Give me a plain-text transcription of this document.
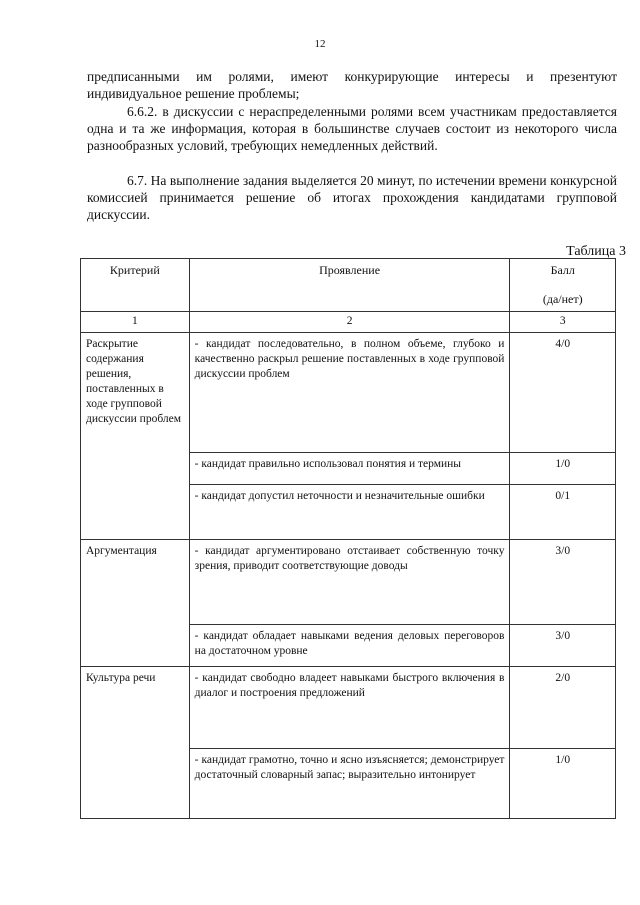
12

предписанными им ролями, имеют конкурирующие интересы и презентуют индивидуальное решение проблемы;

6.6.2. в дискуссии с нераспределенными ролями всем участникам предоставляется одна и та же информация, которая в большинстве случаев состоит из некоторого числа разнообразных условий, требующих немедленных действий.

6.7. На выполнение задания выделяется 20 минут, по истечении времени конкурсной комиссией принимается решение об итогах прохождения кандидатами групповой дискуссии.

Таблица 3
Критерий	Проявление	Балл
(да/нет)

1	2	3
Раскрытие содержания решения, поставленных в ходе групповой дискуссии проблем	- кандидат последовательно, в полном объеме, глубоко и качественно раскрыл решение поставленных в ходе групповой дискуссии проблем	4/0
	- кандидат правильно использовал понятия и термины	1/0
	- кандидат допустил неточности и незначительные ошибки	0/1
Аргументация	- кандидат аргументировано отстаивает собственную точку зрения, приводит соответствующие доводы	3/0
	- кандидат обладает навыками ведения деловых переговоров на достаточном уровне	3/0
Культура речи	- кандидат свободно владеет навыками быстрого включения в диалог и построения предложений	2/0
	- кандидат грамотно, точно и ясно изъясняется; демонстрирует достаточный словарный запас; выразительно интонирует	1/0
